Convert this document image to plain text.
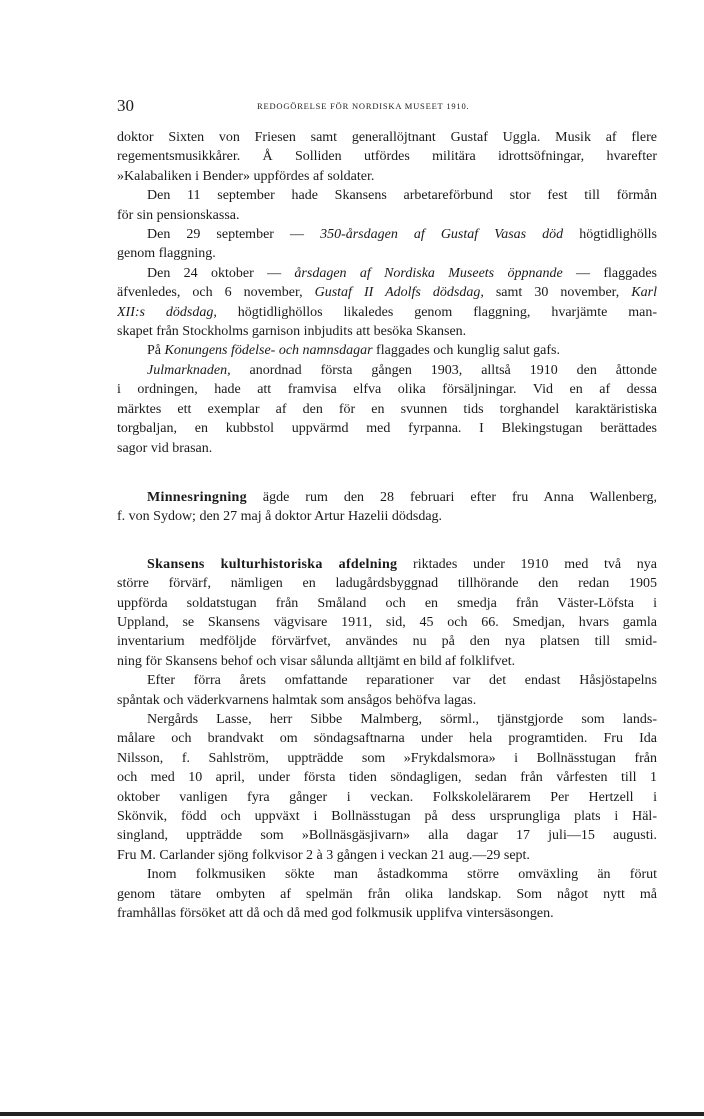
30	REDOGÖRELSE FÖR NORDISKA MUSEET 1910.

doktor Sixten von Friesen samt generallöjtnant Gustaf Uggla. Musik af flere
regementsmusikkårer. Å Solliden utfördes militära idrottsöfningar, hvarefter
»Kalabaliken i Bender» uppfördes af soldater.

Den 11 september hade Skansens arbetareförbund stor fest till förmån
för sin pensionskassa.

Den 29 september — 350-årsdagen af Gustaf Vasas död högtidlighölls
genom flaggning.

Den 24 oktober — årsdagen af Nordiska Museets öppnande — flaggades
äfvenledes, och 6 november, Gustaf II Adolfs dödsdag, samt 30 november, Karl
XII:s dödsdag, högtidlighöllos likaledes genom flaggning, hvarjämte man-
skapet från Stockholms garnison inbjudits att besöka Skansen.

På Konungens födelse- och namnsdagar flaggades och kunglig salut gafs.

Julmarknaden, anordnad första gången 1903, alltså 1910 den åttonde
i ordningen, hade att framvisa elfva olika försäljningar. Vid en af dessa
märktes ett exemplar af den för en svunnen tids torghandel karaktäristiska
torgbaljan, en kubbstol uppvärmd med fyrpanna. I Blekingstugan berättades
sagor vid brasan.

Minnesringning ägde rum den 28 februari efter fru Anna Wallenberg,
f. von Sydow; den 27 maj å doktor Artur Hazelii dödsdag.

Skansens kulturhistoriska afdelning riktades under 1910 med två nya
större förvärf, nämligen en ladugårdsbyggnad tillhörande den redan 1905
uppförda soldatstugan från Småland och en smedja från Väster-Löfsta i
Uppland, se Skansens vägvisare 1911, sid, 45 och 66. Smedjan, hvars gamla
inventarium medföljde förvärfvet, användes nu på den nya platsen till smid-
ning för Skansens behof och visar sålunda alltjämt en bild af folklifvet.

Efter förra årets omfattande reparationer var det endast Håsjöstapelns
spåntak och väderkvarnens halmtak som ansågos behöfva lagas.

Nergårds Lasse, herr Sibbe Malmberg, sörml., tjänstgjorde som lands-
målare och brandvakt om söndagsaftnarna under hela programtiden. Fru Ida
Nilsson, f. Sahlström, uppträdde som »Frykdalsmora» i Bollnässtugan från
och med 10 april, under första tiden söndagligen, sedan från vårfesten till 1
oktober vanligen fyra gånger i veckan. Folkskolelärarem Per Hertzell i
Skönvik, född och uppväxt i Bollnässtugan på dess ursprungliga plats i Häl-
singland, uppträdde som »Bollnäsgäsjivarn» alla dagar 17 juli—15 augusti.
Fru M. Carlander sjöng folkvisor 2 à 3 gången i veckan 21 aug.—29 sept.

Inom folkmusiken sökte man åstadkomma större omväxling än förut
genom tätare ombyten af spelmän från olika landskap. Som något nytt må
framhållas försöket att då och då med god folkmusik upplifva vintersäsongen.
